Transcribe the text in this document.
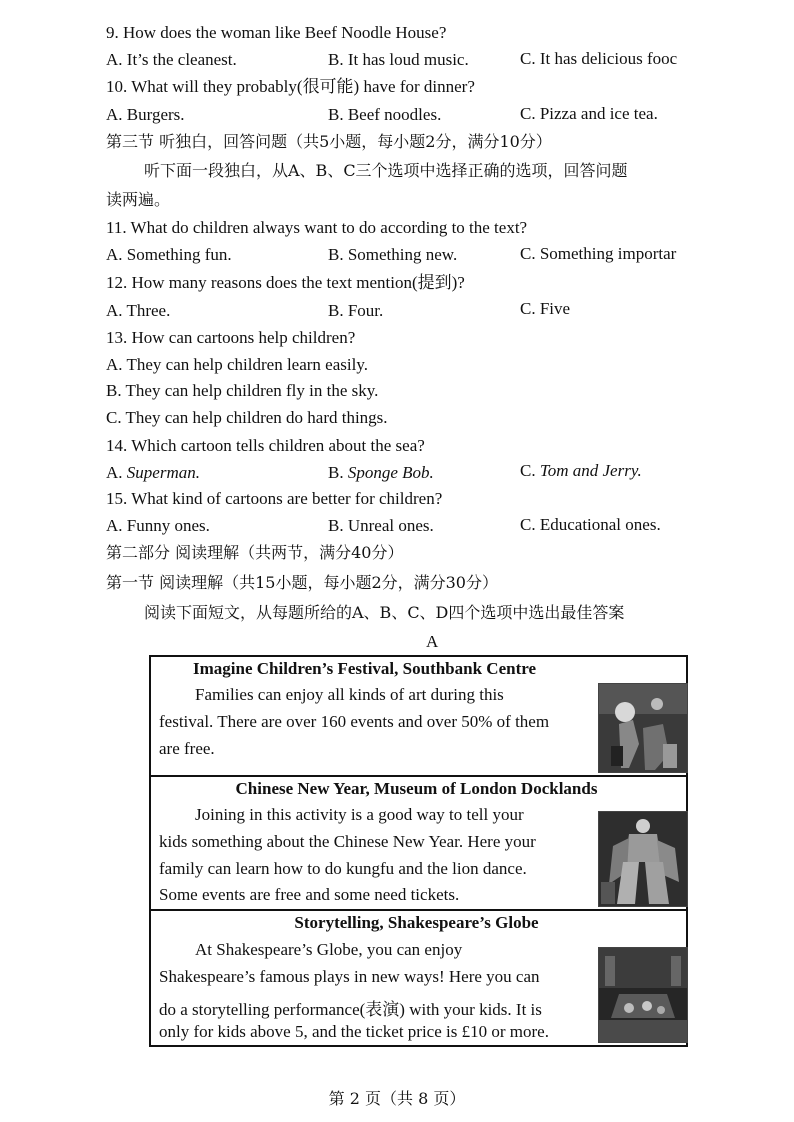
9. How does the woman like Beef Noodle House?
A. It’s the cleanest.	B. It has loud music.	C. It has delicious fooc
10. What will they probably(很可能) have for dinner?
A. Burgers.	B. Beef noodles.	C. Pizza and ice tea.
第三节 听独白，回答问题（共5小题，每小题2分，满分10分）
听下面一段独白，从A、B、C三个选项中选择正确的选项，回答问题
读两遍。
11. What do children always want to do according to the text?
A. Something fun.	B. Something new.	C. Something importar
12. How many reasons does the text mention(提到)?
A. Three.	B. Four.	C. Five
13. How can cartoons help children?
A. They can help children learn easily.
B. They can help children fly in the sky.
C. They can help children do hard things.
14. Which cartoon tells children about the sea?
A. Superman.	B. Sponge Bob.	C. Tom and Jerry.
15. What kind of cartoons are better for children?
A. Funny ones.	B. Unreal ones.	C. Educational ones.
第二部分 阅读理解（共两节，满分40分）
第一节 阅读理解（共15小题，每小题2分，满分30分）
阅读下面短文，从每题所给的A、B、C、D四个选项中选出最佳答案
A
Imagine Children’s Festival, Southbank Centre
Families can enjoy all kinds of art during this
festival. There are over 160 events and over 50% of them
are free.
Chinese New Year, Museum of London Docklands
Joining in this activity is a good way to tell your
kids something about the Chinese New Year. Here your
family can learn how to do kungfu and the lion dance.
Some events are free and some need tickets.
Storytelling, Shakespeare’s Globe
At Shakespeare’s Globe, you can enjoy
Shakespeare’s famous plays in new ways! Here you can
do a storytelling performance(表演) with your kids. It is
only for kids above 5, and the ticket price is £10 or more.
第 2 页（共 8 页）
